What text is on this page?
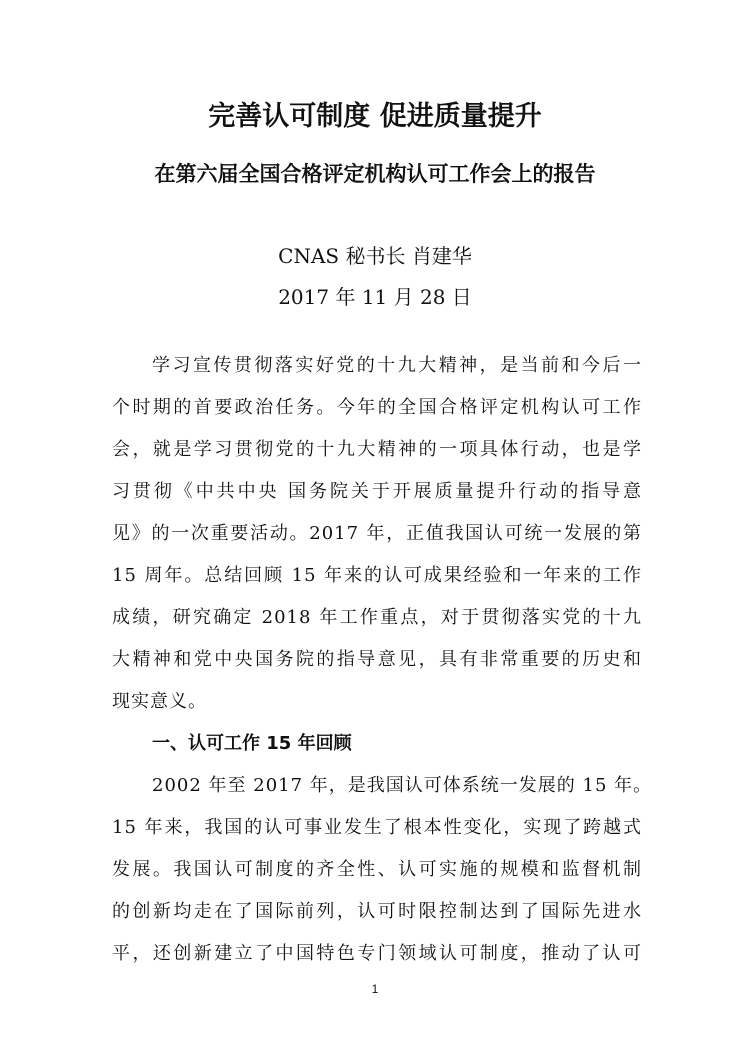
完善认可制度 促进质量提升
在第六届全国合格评定机构认可工作会上的报告
CNAS 秘书长 肖建华
2017 年 11 月 28 日
学习宣传贯彻落实好党的十九大精神，是当前和今后一
个时期的首要政治任务。今年的全国合格评定机构认可工作
会，就是学习贯彻党的十九大精神的一项具体行动，也是学
习贯彻《中共中央 国务院关于开展质量提升行动的指导意
见》的一次重要活动。2017 年，正值我国认可统一发展的第
15 周年。总结回顾 15 年来的认可成果经验和一年来的工作
成绩，研究确定 2018 年工作重点，对于贯彻落实党的十九
大精神和党中央国务院的指导意见，具有非常重要的历史和
现实意义。
一、认可工作 15 年回顾
2002 年至 2017 年，是我国认可体系统一发展的 15 年。
15 年来，我国的认可事业发生了根本性变化，实现了跨越式
发展。我国认可制度的齐全性、认可实施的规模和监督机制
的创新均走在了国际前列，认可时限控制达到了国际先进水
平，还创新建立了中国特色专门领域认可制度，推动了认可
1
